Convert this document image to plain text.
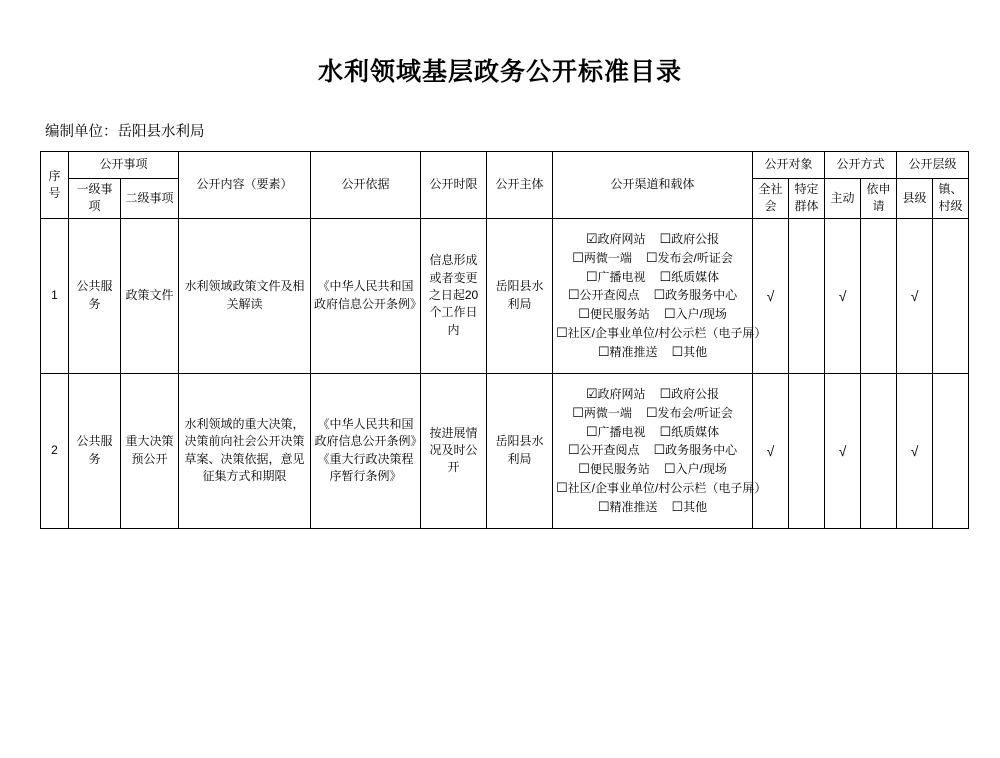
水利领域基层政务公开标准目录
编制单位：岳阳县水利局
序号	公开事项		公开内容（要素）	公开依据	公开时限	公开主体	公开渠道和载体	公开对象		公开方式		公开层级	
	一级事项	二级事项						全社会	特定群体	主动	依申请	县级	镇、村级
1	公共服务	政策文件	水利领域政策文件及相关解读	《中华人民共和国政府信息公开条例》	信息形成或者变更之日起20个工作日内	岳阳县水利局	☑政府网站 ☐政府公报
☐两微一端 ☐发布会/听证会
☐广播电视 ☐纸质媒体
☐公开查阅点 ☐政务服务中心
☐便民服务站 ☐入户/现场
☐社区/企事业单位/村公示栏（电子屏）
☐精准推送 ☐其他	√		√		√	
2	公共服务	重大决策预公开	水利领域的重大决策，决策前向社会公开决策草案、决策依据，意见征集方式和期限	《中华人民共和国政府信息公开条例》《重大行政决策程序暂行条例》	按进展情况及时公开	岳阳县水利局	☑政府网站 ☐政府公报
☐两微一端 ☐发布会/听证会
☐广播电视 ☐纸质媒体
☐公开查阅点 ☐政务服务中心
☐便民服务站 ☐入户/现场
☐社区/企事业单位/村公示栏（电子屏）
☐精准推送 ☐其他	√		√		√	
